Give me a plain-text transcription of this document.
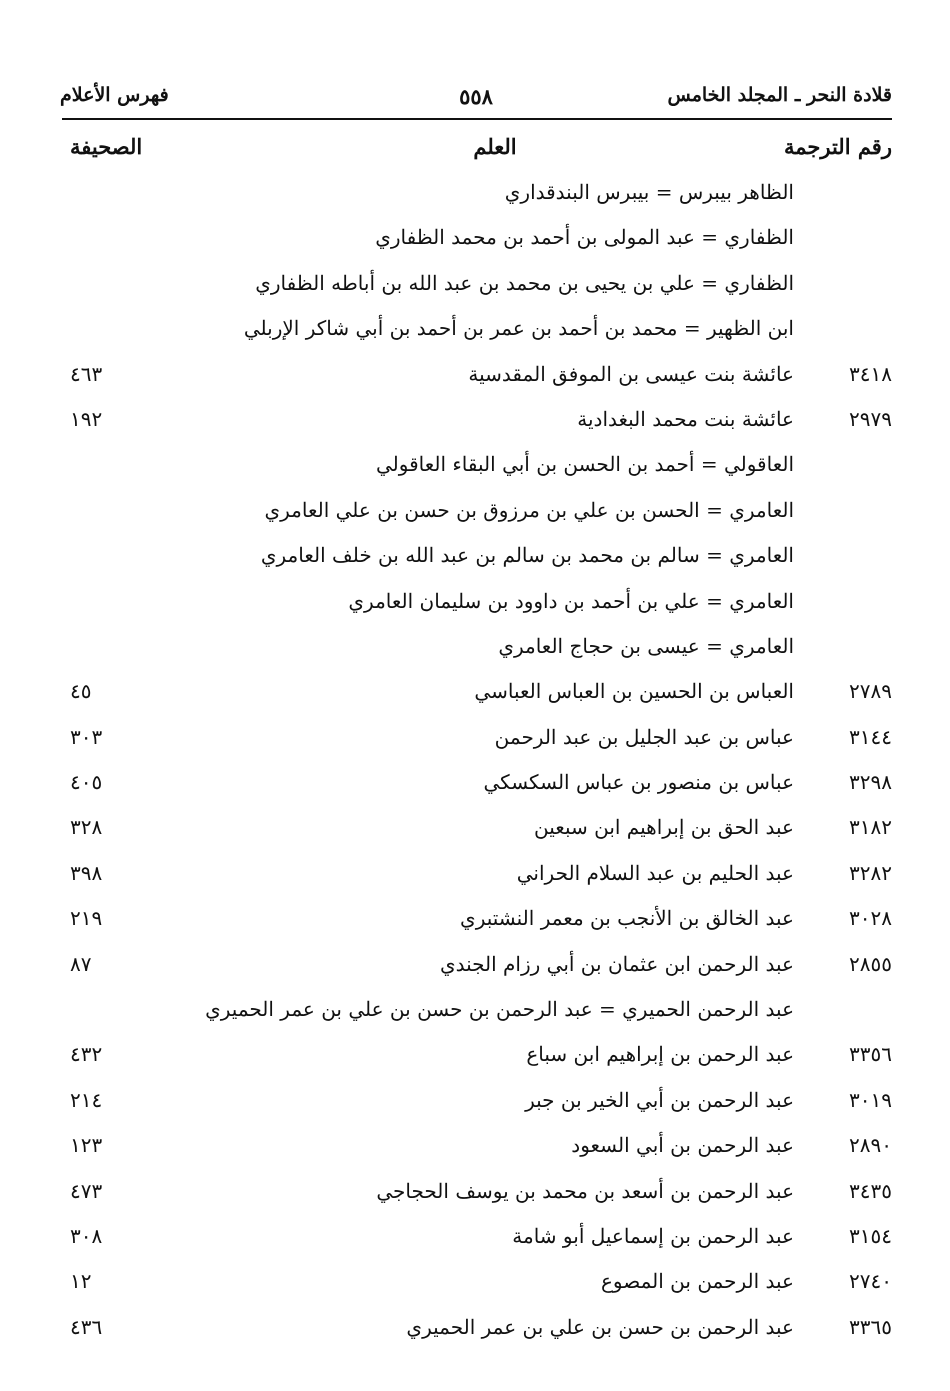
قلادة النحر ـ المجلد الخامس
٥٥٨
فهرس الأعلام
رقم الترجمة
العلم
الصحيفة
الظاهر بيبرس = بيبرس البندقداري
الظفاري = عبد المولى بن أحمد بن محمد الظفاري
الظفاري = علي بن يحيى بن محمد بن عبد الله بن أباطه الظفاري
ابن الظهير = محمد بن أحمد بن عمر بن أحمد بن أبي شاكر الإربلي
٣٤١٨
عائشة بنت عيسى بن الموفق المقدسية
٤٦٣
٢٩٧٩
عائشة بنت محمد البغدادية
١٩٢
العاقولي = أحمد بن الحسن بن أبي البقاء العاقولي
العامري = الحسن بن علي بن مرزوق بن حسن بن علي العامري
العامري = سالم بن محمد بن سالم بن عبد الله بن خلف العامري
العامري = علي بن أحمد بن داوود بن سليمان العامري
العامري = عيسى بن حجاج العامري
٢٧٨٩
العباس بن الحسين بن العباس العباسي
٤٥
٣١٤٤
عباس بن عبد الجليل بن عبد الرحمن
٣٠٣
٣٢٩٨
عباس بن منصور بن عباس السكسكي
٤٠٥
٣١٨٢
عبد الحق بن إبراهيم ابن سبعين
٣٢٨
٣٢٨٢
عبد الحليم بن عبد السلام الحراني
٣٩٨
٣٠٢٨
عبد الخالق بن الأنجب بن معمر النشتبري
٢١٩
٢٨٥٥
عبد الرحمن ابن عثمان بن أبي رزام الجندي
٨٧
عبد الرحمن الحميري = عبد الرحمن بن حسن بن علي بن عمر الحميري
٣٣٥٦
عبد الرحمن بن إبراهيم ابن سباع
٤٣٢
٣٠١٩
عبد الرحمن بن أبي الخير بن جبر
٢١٤
٢٨٩٠
عبد الرحمن بن أبي السعود
١٢٣
٣٤٣٥
عبد الرحمن بن أسعد بن محمد بن يوسف الحجاجي
٤٧٣
٣١٥٤
عبد الرحمن بن إسماعيل أبو شامة
٣٠٨
٢٧٤٠
عبد الرحمن بن المصوع
١٢
٣٣٦٥
عبد الرحمن بن حسن بن علي بن عمر الحميري
٤٣٦
